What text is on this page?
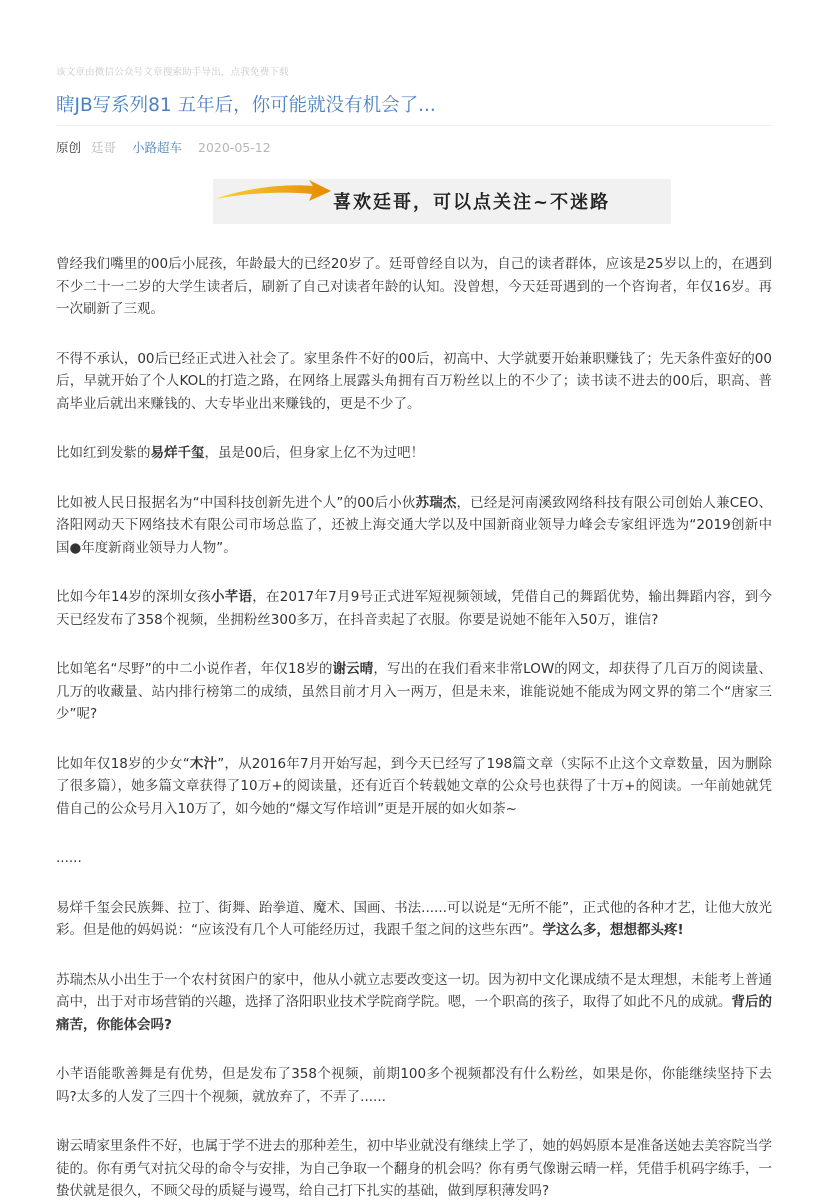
该文章由微信公众号文章搜索助手导出，点我免费下载
瞎JB写系列81 五年后，你可能就没有机会了...
原创 廷哥 小路超车 2020-05-12
喜欢廷哥，可以点关注~不迷路

曾经我们嘴里的00后小屁孩，年龄最大的已经20岁了。廷哥曾经自以为，自己的读者群体，应该是25岁以上的，在遇到不少二十一二岁的大学生读者后，刷新了自己对读者年龄的认知。没曾想，今天廷哥遇到的一个咨询者，年仅16岁。再一次刷新了三观。

不得不承认，00后已经正式进入社会了。家里条件不好的00后，初高中、大学就要开始兼职赚钱了；先天条件蛮好的00后，早就开始了个人KOL的打造之路，在网络上展露头角拥有百万粉丝以上的不少了；读书读不进去的00后，职高、普高毕业后就出来赚钱的、大专毕业出来赚钱的，更是不少了。

比如红到发紫的易烊千玺，虽是00后，但身家上亿不为过吧！

比如被人民日报据名为“中国科技创新先进个人”的00后小伙苏瑞杰，已经是河南溪致网络科技有限公司创始人兼CEO、洛阳网动天下网络技术有限公司市场总监了，还被上海交通大学以及中国新商业领导力峰会专家组评选为“2019创新中国●年度新商业领导力人物”。

比如今年14岁的深圳女孩小芊语，在2017年7月9号正式进军短视频领域，凭借自己的舞蹈优势，输出舞蹈内容，到今天已经发布了358个视频，坐拥粉丝300多万，在抖音卖起了衣服。你要是说她不能年入50万，谁信?

比如笔名“尽野”的中二小说作者，年仅18岁的谢云晴，写出的在我们看来非常LOW的网文，却获得了几百万的阅读量、几万的收藏量、站内排行榜第二的成绩，虽然目前才月入一两万，但是未来，谁能说她不能成为网文界的第二个“唐家三少”呢?

比如年仅18岁的少女“木汁”，从2016年7月开始写起，到今天已经写了198篇文章（实际不止这个文章数量，因为删除了很多篇），她多篇文章获得了10万+的阅读量，还有近百个转载她文章的公众号也获得了十万+的阅读。一年前她就凭借自己的公众号月入10万了，如今她的“爆文写作培训”更是开展的如火如荼~

......

易烊千玺会民族舞、拉丁、街舞、跆拳道、魔术、国画、书法......可以说是“无所不能”，正式他的各种才艺，让他大放光彩。但是他的妈妈说：“应该没有几个人可能经历过，我跟千玺之间的这些东西”。学这么多，想想都头疼!

苏瑞杰从小出生于一个农村贫困户的家中，他从小就立志要改变这一切。因为初中文化课成绩不是太理想，未能考上普通高中，出于对市场营销的兴趣，选择了洛阳职业技术学院商学院。嗯，一个职高的孩子，取得了如此不凡的成就。背后的痛苦，你能体会吗?

小芊语能歌善舞是有优势，但是发布了358个视频，前期100多个视频都没有什么粉丝，如果是你，你能继续坚持下去吗?太多的人发了三四十个视频，就放弃了，不弄了......

谢云晴家里条件不好，也属于学不进去的那种差生，初中毕业就没有继续上学了，她的妈妈原本是准备送她去美容院当学徒的。你有勇气对抗父母的命令与安排，为自己争取一个翻身的机会吗？你有勇气像谢云晴一样，凭借手机码字练手，一蛰伏就是很久，不顾父母的质疑与谩骂，给自己打下扎实的基础，做到厚积薄发吗?
